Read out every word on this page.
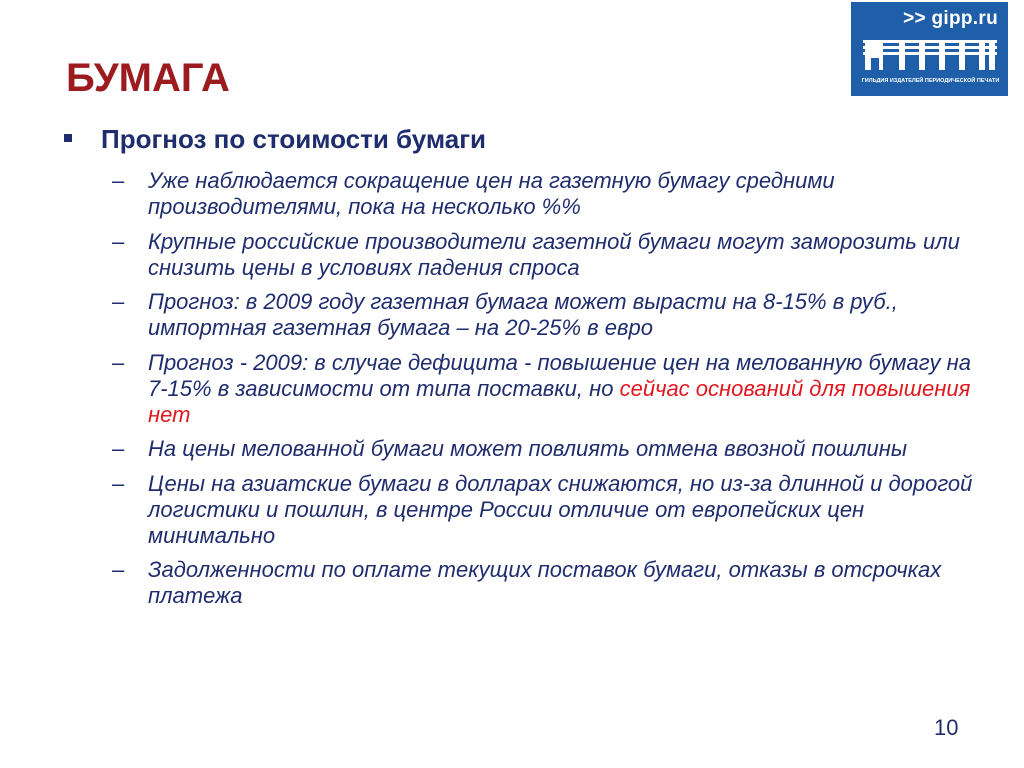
БУМАГА
>> gipp.ru
ГИЛЬДИЯ ИЗДАТЕЛЕЙ ПЕРИОДИЧЕСКОЙ ПЕЧАТИ
Прогноз по стоимости бумаги
–	Уже наблюдается сокращение цен на газетную бумагу средними производителями, пока на несколько %%
–	Крупные российские производители газетной бумаги могут заморозить или снизить цены в условиях падения спроса
–	Прогноз: в 2009 году газетная бумага может вырасти на 8-15% в руб., импортная газетная бумага – на 20-25% в евро
–	Прогноз - 2009: в случае дефицита - повышение цен на мелованную бумагу на 7-15% в зависимости от типа поставки, но сейчас оснований для повышения нет
–	На цены мелованной бумаги может повлиять отмена ввозной пошлины
–	Цены на азиатские бумаги в долларах снижаются, но из-за длинной и дорогой логистики и пошлин, в центре России отличие от европейских цен минимально
–	Задолженности по оплате текущих поставок бумаги, отказы в отсрочках платежа
10
